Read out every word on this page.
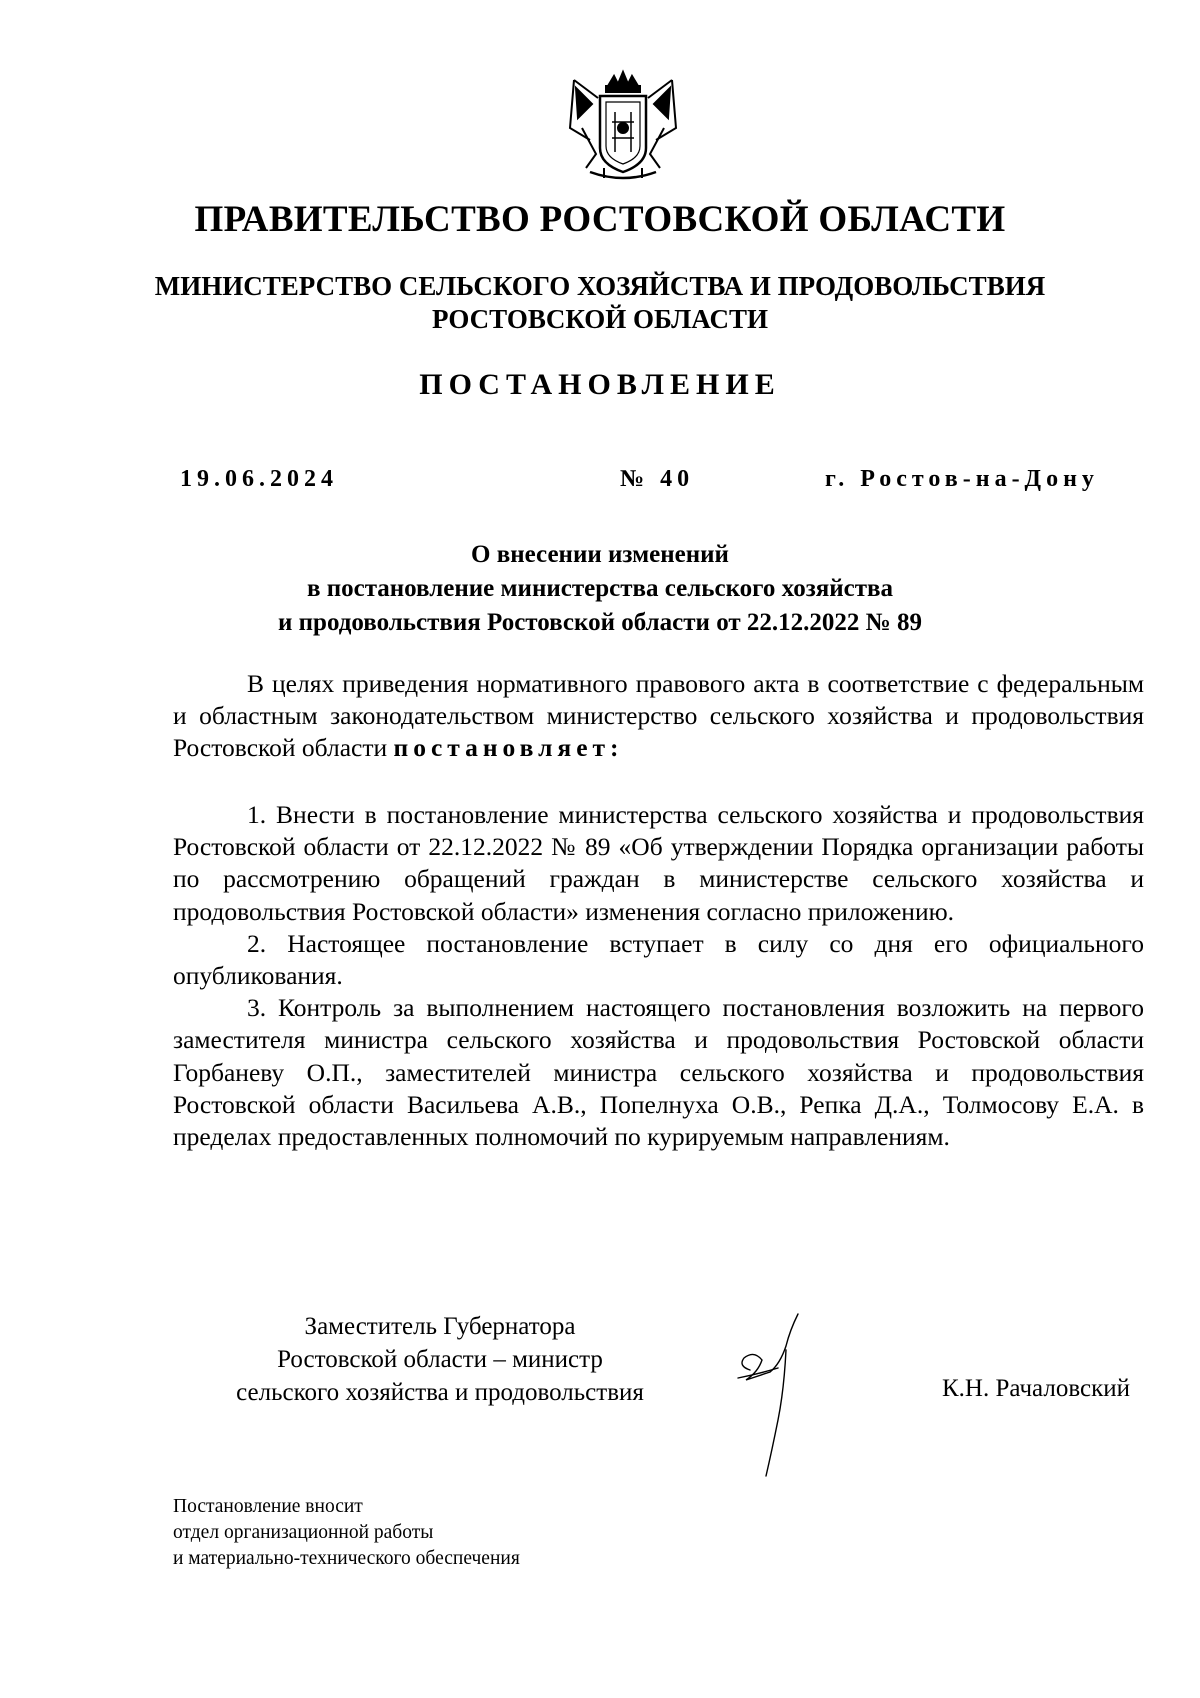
ПРАВИТЕЛЬСТВО РОСТОВСКОЙ ОБЛАСТИ
МИНИСТЕРСТВО СЕЛЬСКОГО ХОЗЯЙСТВА И ПРОДОВОЛЬСТВИЯ
РОСТОВСКОЙ ОБЛАСТИ
ПОСТАНОВЛЕНИЕ
19.06.2024	№ 40	г. Ростов-на-Дону
О внесении изменений
в постановление министерства сельского хозяйства
и продовольствия Ростовской области от 22.12.2022 № 89

В целях приведения нормативного правового акта в соответствие с федеральным и областным законодательством министерство сельского хозяйства и продовольствия Ростовской области постановляет:

1. Внести в постановление министерства сельского хозяйства и продовольствия Ростовской области от 22.12.2022 № 89 «Об утверждении Порядка организации работы по рассмотрению обращений граждан в министерстве сельского хозяйства и продовольствия Ростовской области» изменения согласно приложению.

2. Настоящее постановление вступает в силу со дня его официального опубликования.

3. Контроль за выполнением настоящего постановления возложить на первого заместителя министра сельского хозяйства и продовольствия Ростовской области Горбаневу О.П., заместителей министра сельского хозяйства и продовольствия Ростовской области Васильева А.В., Попелнуха О.В., Репка Д.А., Толмосову Е.А. в пределах предоставленных полномочий по курируемым направлениям.

Заместитель Губернатора
Ростовской области – министр
сельского хозяйства и продовольствия	К.Н. Рачаловский
Постановление вносит
отдел организационной работы
и материально-технического обеспечения
